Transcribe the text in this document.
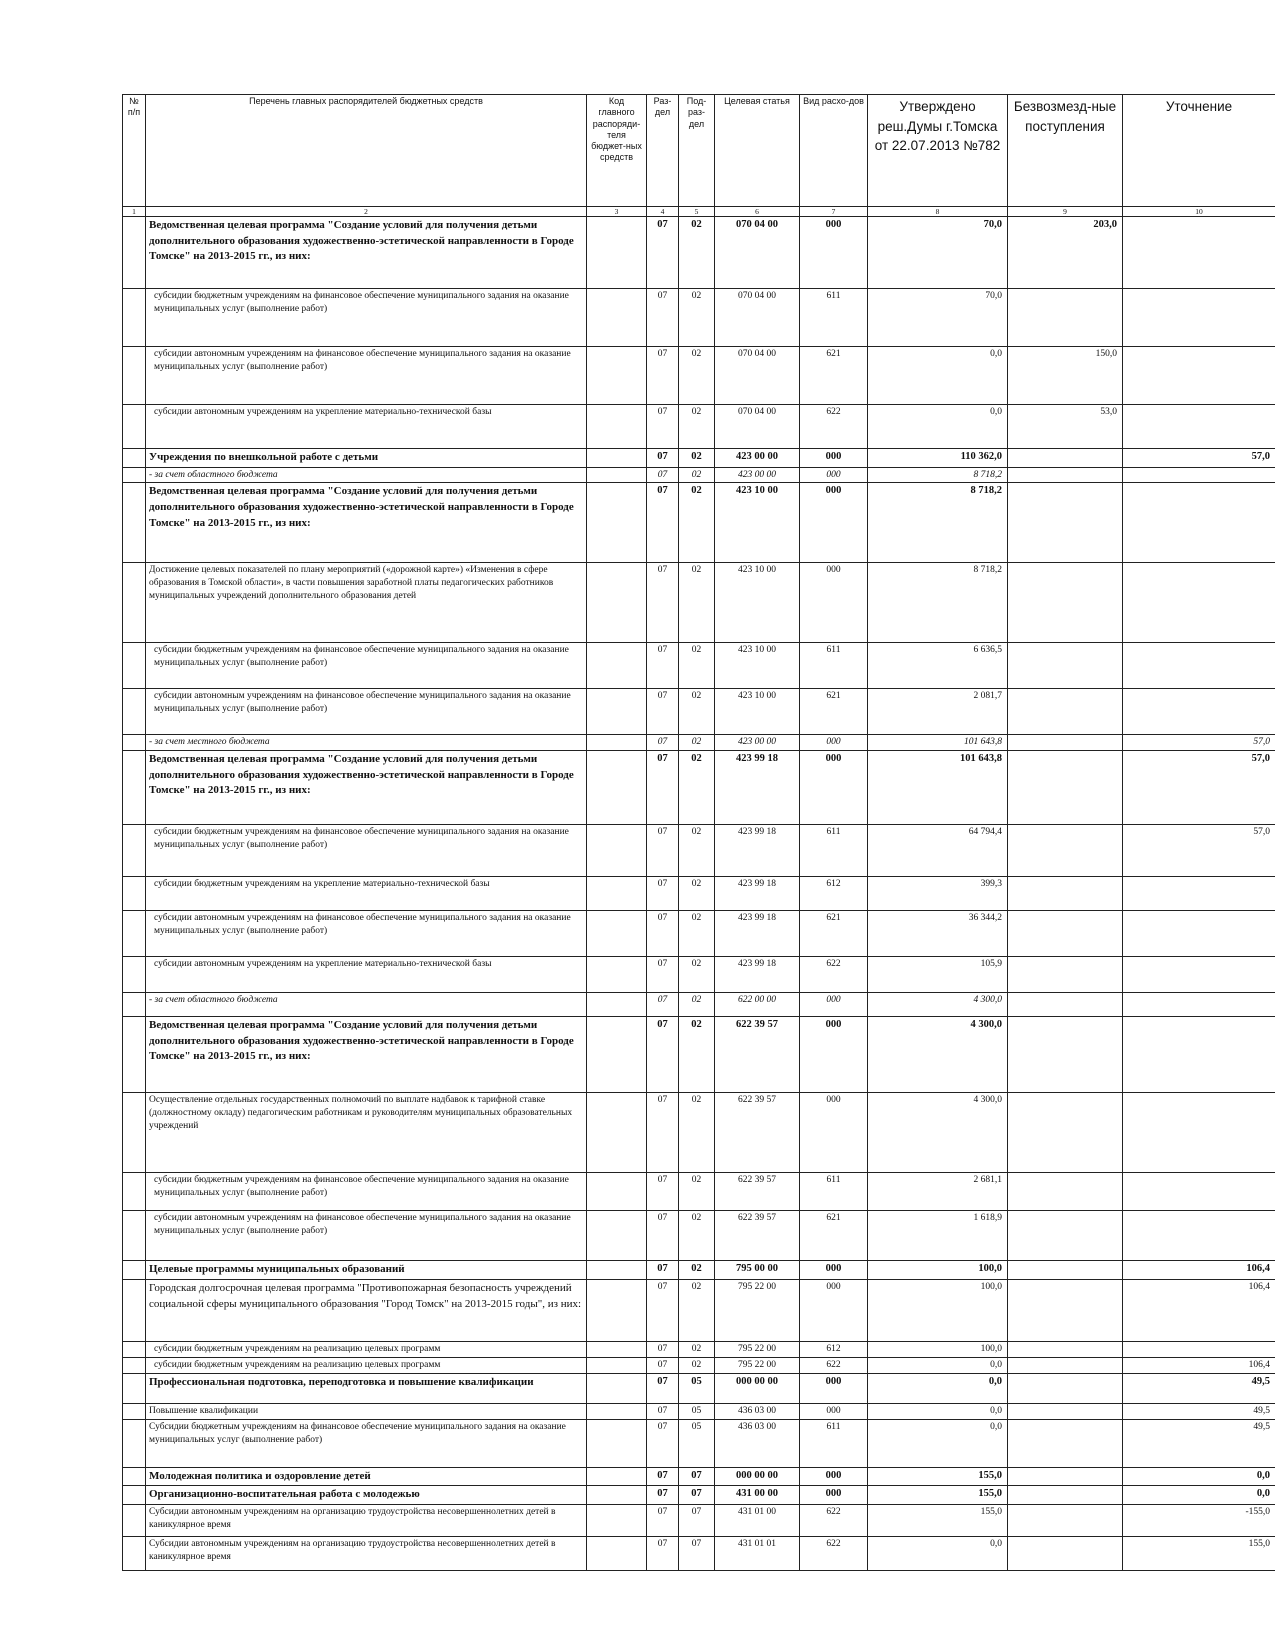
№ п/п	Перечень главных распорядителей бюджетных средств	Код главного распоряди-теля бюджет-ных средств	Раз-дел	Под-раз-дел	Целевая статья	Вид расхо-дов	Утверждено реш.Думы г.Томска от 22.07.2013 №782	Безвозмезд-ные поступления	Уточнение
1	2	3	4	5	6	7	8	9	10
	Ведомственная целевая программа "Создание условий для получения детьми дополнительного образования художественно-эстетической направленности в Городе Томске" на 2013-2015 гг., из них:		07	02	070 04 00	000	70,0	203,0	
	субсидии бюджетным учреждениям на финансовое обеспечение муниципального задания на оказание муниципальных услуг (выполнение работ)		07	02	070 04 00	611	70,0		
	субсидии автономным учреждениям на финансовое обеспечение муниципального задания на оказание муниципальных услуг (выполнение работ)		07	02	070 04 00	621	0,0	150,0	
	субсидии автономным учреждениям на укрепление материально-технической базы		07	02	070 04 00	622	0,0	53,0	
	Учреждения по внешкольной работе с детьми		07	02	423 00 00	000	110 362,0		57,0
	- за счет областного бюджета		07	02	423 00 00	000	8 718,2		
	Ведомственная целевая программа "Создание условий для получения детьми дополнительного образования художественно-эстетической направленности в Городе Томске" на 2013-2015 гг., из них:		07	02	423 10 00	000	8 718,2		
	Достижение целевых показателей по плану мероприятий («дорожной карте») «Изменения в сфере образования в Томской области», в части повышения заработной платы педагогических работников муниципальных учреждений дополнительного образования детей		07	02	423 10 00	000	8 718,2		
	субсидии бюджетным учреждениям на финансовое обеспечение муниципального задания на оказание муниципальных услуг (выполнение работ)		07	02	423 10 00	611	6 636,5		
	субсидии автономным учреждениям на финансовое обеспечение муниципального задания на оказание муниципальных услуг (выполнение работ)		07	02	423 10 00	621	2 081,7		
	- за счет местного бюджета		07	02	423 00 00	000	101 643,8		57,0
	Ведомственная целевая программа "Создание условий для получения детьми дополнительного образования художественно-эстетической направленности в Городе Томске" на 2013-2015 гг., из них:		07	02	423 99 18	000	101 643,8		57,0
	субсидии бюджетным учреждениям на финансовое обеспечение муниципального задания на оказание муниципальных услуг (выполнение работ)		07	02	423 99 18	611	64 794,4		57,0
	субсидии бюджетным учреждениям на укрепление материально-технической базы		07	02	423 99 18	612	399,3		
	субсидии автономным учреждениям на финансовое обеспечение муниципального задания на оказание муниципальных услуг (выполнение работ)		07	02	423 99 18	621	36 344,2		
	субсидии автономным учреждениям на укрепление материально-технической базы		07	02	423 99 18	622	105,9		
	- за счет областного бюджета		07	02	622 00 00	000	4 300,0		
	Ведомственная целевая программа "Создание условий для получения детьми дополнительного образования художественно-эстетической направленности в Городе Томске" на 2013-2015 гг., из них:		07	02	622 39 57	000	4 300,0		
	Осуществление отдельных государственных полномочий по выплате надбавок к тарифной ставке (должностному окладу) педагогическим работникам и руководителям муниципальных образовательных учреждений		07	02	622 39 57	000	4 300,0		
	субсидии бюджетным учреждениям на финансовое обеспечение муниципального задания на оказание муниципальных услуг (выполнение работ)		07	02	622 39 57	611	2 681,1		
	субсидии автономным учреждениям на финансовое обеспечение муниципального задания на оказание муниципальных услуг (выполнение работ)		07	02	622 39 57	621	1 618,9		
	Целевые программы муниципальных образований		07	02	795 00 00	000	100,0		106,4
	Городская долгосрочная целевая программа "Противопожарная безопасность учреждений социальной сферы муниципального образования "Город Томск" на 2013-2015 годы", из них:		07	02	795 22 00	000	100,0		106,4
	субсидии бюджетным учреждениям на реализацию целевых программ		07	02	795 22 00	612	100,0		
	субсидии бюджетным учреждениям на реализацию целевых программ		07	02	795 22 00	622	0,0		106,4
	Профессиональная подготовка, переподготовка и повышение квалификации		07	05	000 00 00	000	0,0		49,5
	Повышение квалификации		07	05	436 03 00	000	0,0		49,5
	Субсидии бюджетным учреждениям на финансовое обеспечение муниципального задания на оказание муниципальных услуг (выполнение работ)		07	05	436 03 00	611	0,0		49,5
	Молодежная политика и оздоровление детей		07	07	000 00 00	000	155,0		0,0
	Организационно-воспитательная работа с молодежью		07	07	431 00 00	000	155,0		0,0
	Субсидии автономным учреждениям на организацию трудоустройства несовершеннолетних детей в каникулярное время		07	07	431 01 00	622	155,0		-155,0
	Субсидии автономным учреждениям на организацию трудоустройства несовершеннолетних детей в каникулярное время		07	07	431 01 01	622	0,0		155,0
